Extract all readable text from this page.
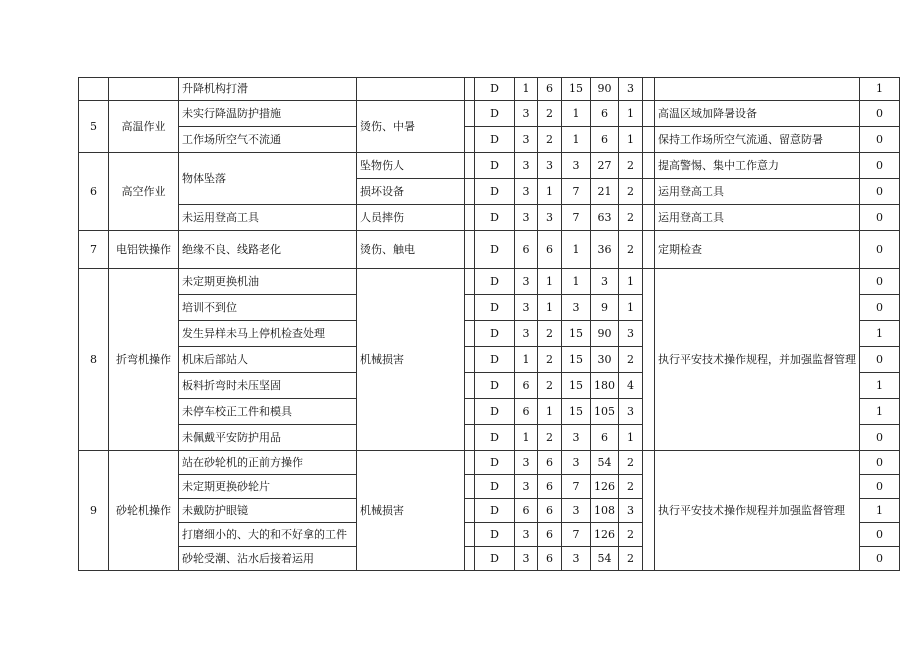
		升降机构打滑			D	1	6	15	90	3			1
5	高温作业	未实行降温防护措施	烫伤、中暑		D	3	2	1	6	1		高温区域加降暑设备	0
		工作场所空气不流通			D	3	2	1	6	1		保持工作场所空气流通、留意防暑	0
6	高空作业	物体坠落	坠物伤人		D	3	3	3	27	2		提高警惕、集中工作意力	0
			损坏设备		D	3	1	7	21	2		运用登高工具	0
		未运用登高工具	人员摔伤		D	3	3	7	63	2		运用登高工具	0
7	电铝铁操作	绝缘不良、线路老化	烫伤、触电		D	6	6	1	36	2		定期检查	0
8	折弯机操作	未定期更换机油	机械损害		D	3	1	1	3	1		执行平安技术操作规程，并加强监督管理	0
		培训不到位			D	3	1	3	9	1			0
		发生异样未马上停机检查处理			D	3	2	15	90	3			1
		机床后部站人			D	1	2	15	30	2			0
		板料折弯时未压坚固			D	6	2	15	180	4			1
		未停车校正工件和模具			D	6	1	15	105	3			1
		未佩戴平安防护用品			D	1	2	3	6	1			0
9	砂轮机操作	站在砂轮机的正前方操作	机械损害		D	3	6	3	54	2		执行平安技术操作规程并加强监督管理	0
		未定期更换砂轮片			D	3	6	7	126	2			0
		未戴防护眼镜			D	6	6	3	108	3			1
		打磨细小的、大的和不好拿的工件			D	3	6	7	126	2			0
		砂轮受潮、沾水后接着运用			D	3	6	3	54	2			0
